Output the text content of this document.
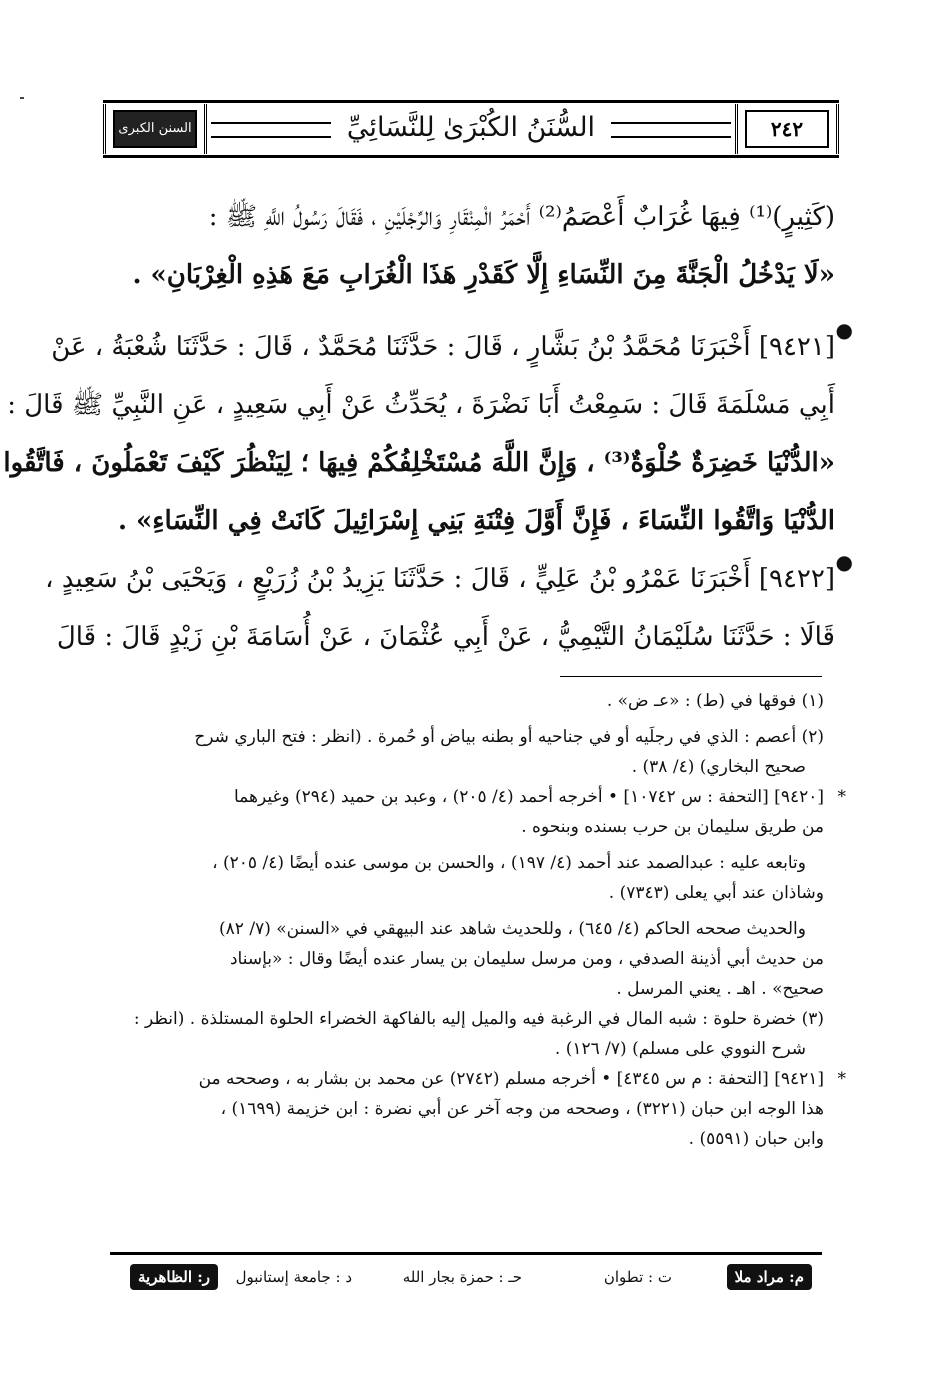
السنن الكبرى	السُّنَنُ الكُبْرَىٰ لِلنَّسَائِيِّ	٢٤٢
(كَثِيرٍ)⁽¹⁾ فِيهَا غُرَابٌ أَعْصَمُ⁽²⁾ أَحْمَرُ الْمِنْقَارِ وَالرِّجْلَيْنِ ، فَقَالَ رَسُولُ اللَّهِ ﷺ :
«لَا يَدْخُلُ الْجَنَّةَ مِنَ النِّسَاءِ إِلَّا كَقَدْرِ هَذَا الْغُرَابِ مَعَ هَذِهِ الْغِرْبَانِ» .
●
[٩٤٢١] أَخْبَرَنَا مُحَمَّدُ بْنُ بَشَّارٍ ، قَالَ : حَدَّثَنَا مُحَمَّدٌ ، قَالَ : حَدَّثَنَا شُعْبَةُ ، عَنْ
أَبِي مَسْلَمَةَ قَالَ : سَمِعْتُ أَبَا نَضْرَةَ ، يُحَدِّثُ عَنْ أَبِي سَعِيدٍ ، عَنِ النَّبِيِّ ﷺ قَالَ :
«الدُّنْيَا خَضِرَةٌ حُلْوَةٌ⁽³⁾ ، وَإِنَّ اللَّهَ مُسْتَخْلِفُكُمْ فِيهَا ؛ لِيَنْظُرَ كَيْفَ تَعْمَلُونَ ، فَاتَّقُوا
الدُّنْيَا وَاتَّقُوا النِّسَاءَ ، فَإِنَّ أَوَّلَ فِتْنَةِ بَنِي إِسْرَائِيلَ كَانَتْ فِي النِّسَاءِ» .
●
[٩٤٢٢] أَخْبَرَنَا عَمْرُو بْنُ عَلِيٍّ ، قَالَ : حَدَّثَنَا يَزِيدُ بْنُ زُرَيْعٍ ، وَيَحْيَى بْنُ سَعِيدٍ ،
قَالَا : حَدَّثَنَا سُلَيْمَانُ التَّيْمِيُّ ، عَنْ أَبِي عُثْمَانَ ، عَنْ أُسَامَةَ بْنِ زَيْدٍ قَالَ : قَالَ
(١) فوقها في (ط) : «عـ ض» .
(٢) أعصم : الذي في رجلَيه أو في جناحيه أو بطنه بياض أو حُمرة . (انظر : فتح الباري شرح
صحيح البخاري) (٤/ ٣٨) .
*
[٩٤٢٠] [التحفة : س ١٠٧٤٢] • أخرجه أحمد (٤/ ٢٠٥) ، وعبد بن حميد (٢٩٤) وغيرهما
من طريق سليمان بن حرب بسنده وبنحوه .
وتابعه عليه : عبدالصمد عند أحمد (٤/ ١٩٧) ، والحسن بن موسى عنده أيضًا (٤/ ٢٠٥) ،
وشاذان عند أبي يعلى (٧٣٤٣) .
والحديث صححه الحاكم (٤/ ٦٤٥) ، وللحديث شاهد عند البيهقي في «السنن» (٧/ ٨٢)
من حديث أبي أذينة الصدفي ، ومن مرسل سليمان بن يسار عنده أيضًا وقال : «بإسناد
صحيح» . اهـ . يعني المرسل .
(٣) خضرة حلوة : شبه المال في الرغبة فيه والميل إليه بالفاكهة الخضراء الحلوة المستلذة . (انظر :
شرح النووي على مسلم) (٧/ ١٢٦) .
*
[٩٤٢١] [التحفة : م س ٤٣٤٥] • أخرجه مسلم (٢٧٤٢) عن محمد بن بشار به ، وصححه من
هذا الوجه ابن حبان (٣٢٢١) ، وصححه من وجه آخر عن أبي نضرة : ابن خزيمة (١٦٩٩) ،
وابن حبان (٥٥٩١) .
م: مراد ملا
ت : تطوان
حـ : حمزة بجار الله
د : جامعة إستانبول
ر: الظاهرية
